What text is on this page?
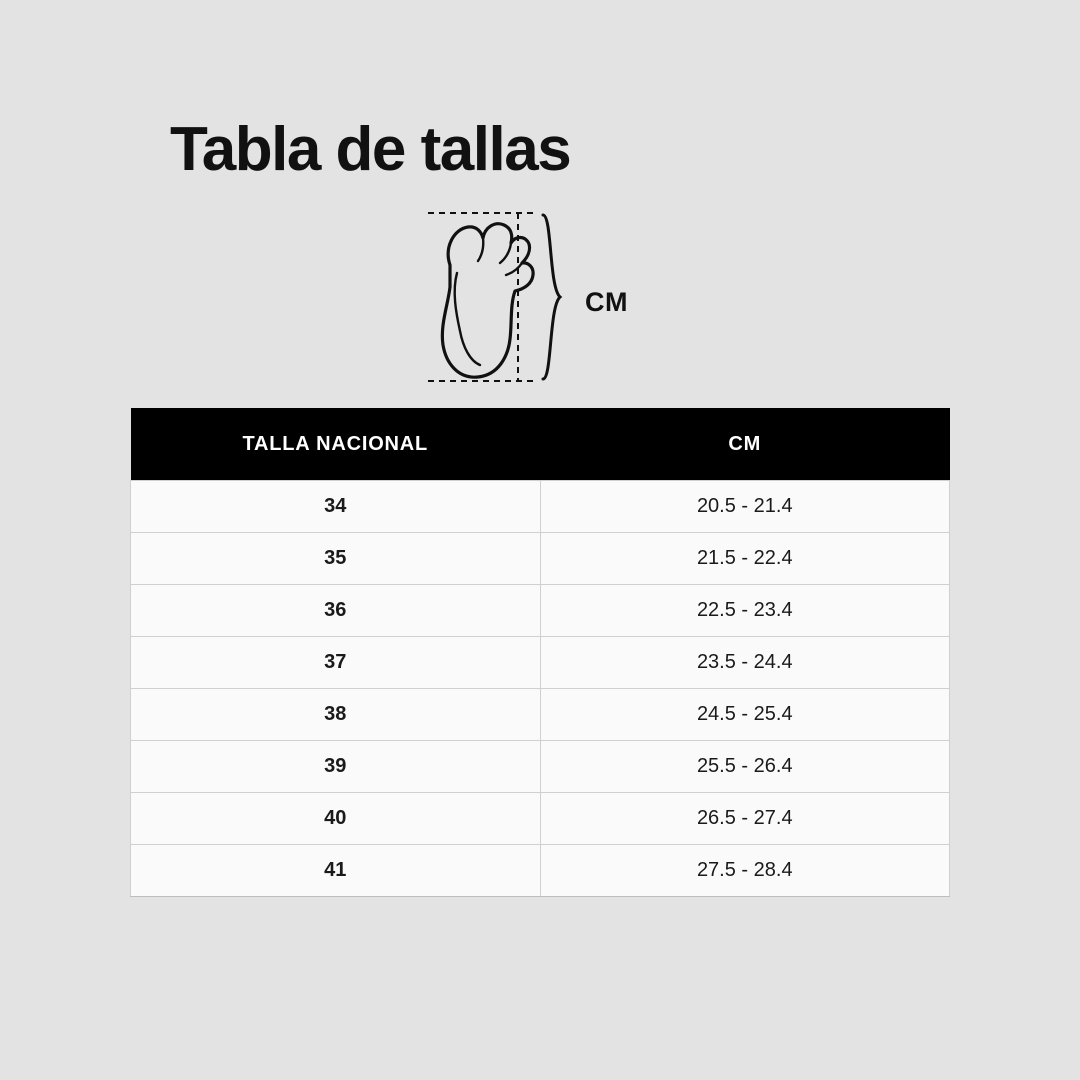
Tabla de tallas
CM
TALLA NACIONAL	CM
34	20.5 - 21.4
35	21.5 - 22.4
36	22.5 - 23.4
37	23.5 - 24.4
38	24.5 - 25.4
39	25.5 - 26.4
40	26.5 - 27.4
41	27.5 - 28.4
